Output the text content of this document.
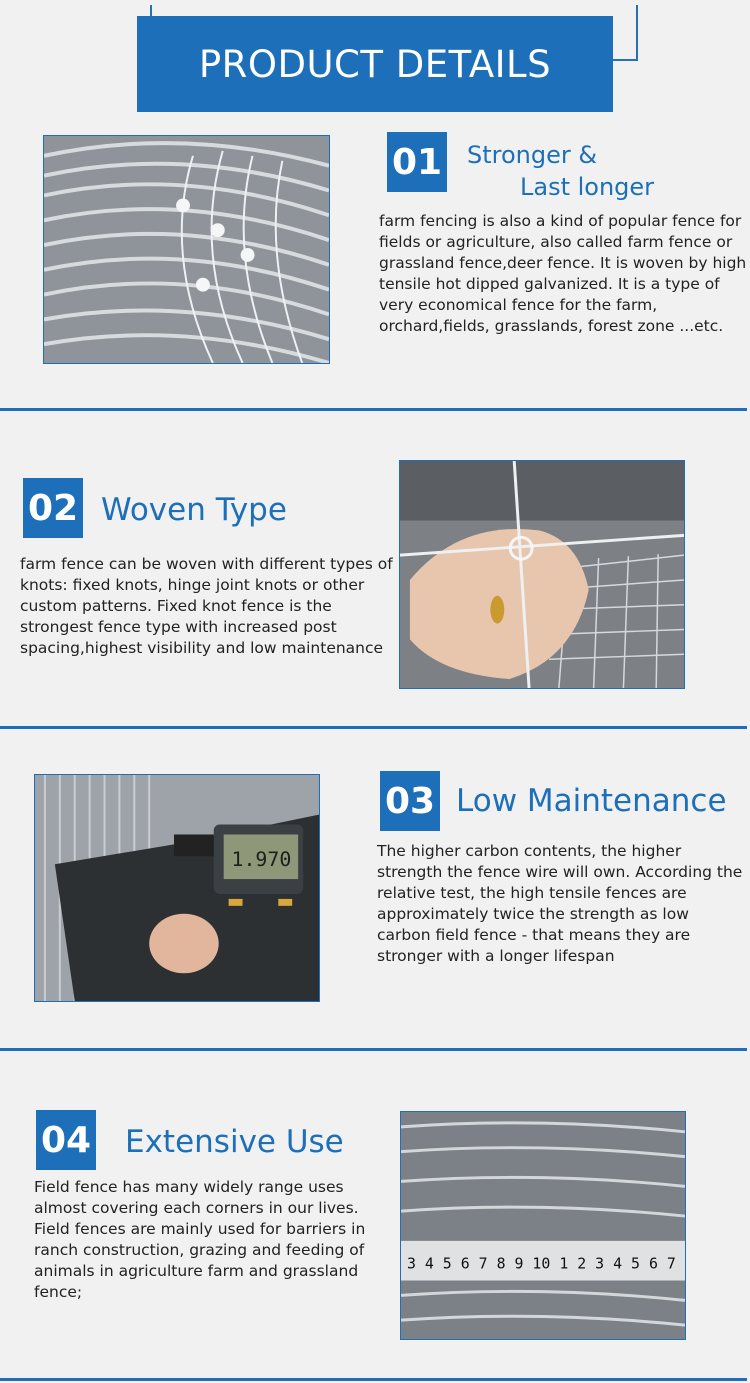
PRODUCT DETAILS
01 Stronger &
Last longer
farm fencing is also a kind of popular fence for fields or agriculture, also called farm fence or grassland fence,deer fence. It is woven by high tensile hot dipped galvanized. It is a type of very economical fence for the farm, orchard,fields, grasslands, forest zone ...etc.
02 Woven Type
farm fence can be woven with different types of knots: fixed knots, hinge joint knots or other custom patterns. Fixed knot fence is the strongest fence type with increased post spacing,highest visibility and low maintenance
1.970
03 Low Maintenance
The higher carbon contents, the higher strength the fence wire will own. According the relative test, the high tensile fences are approximately twice the strength as low carbon field fence - that means they are stronger with a longer lifespan
04 Extensive Use
Field fence has many widely range uses almost covering each corners in our lives. Field fences are mainly used for barriers in ranch construction, grazing and feeding of animals in agriculture farm and grassland fence;
3 4 5 6 7 8 9 10 1 2 3 4 5 6 7
